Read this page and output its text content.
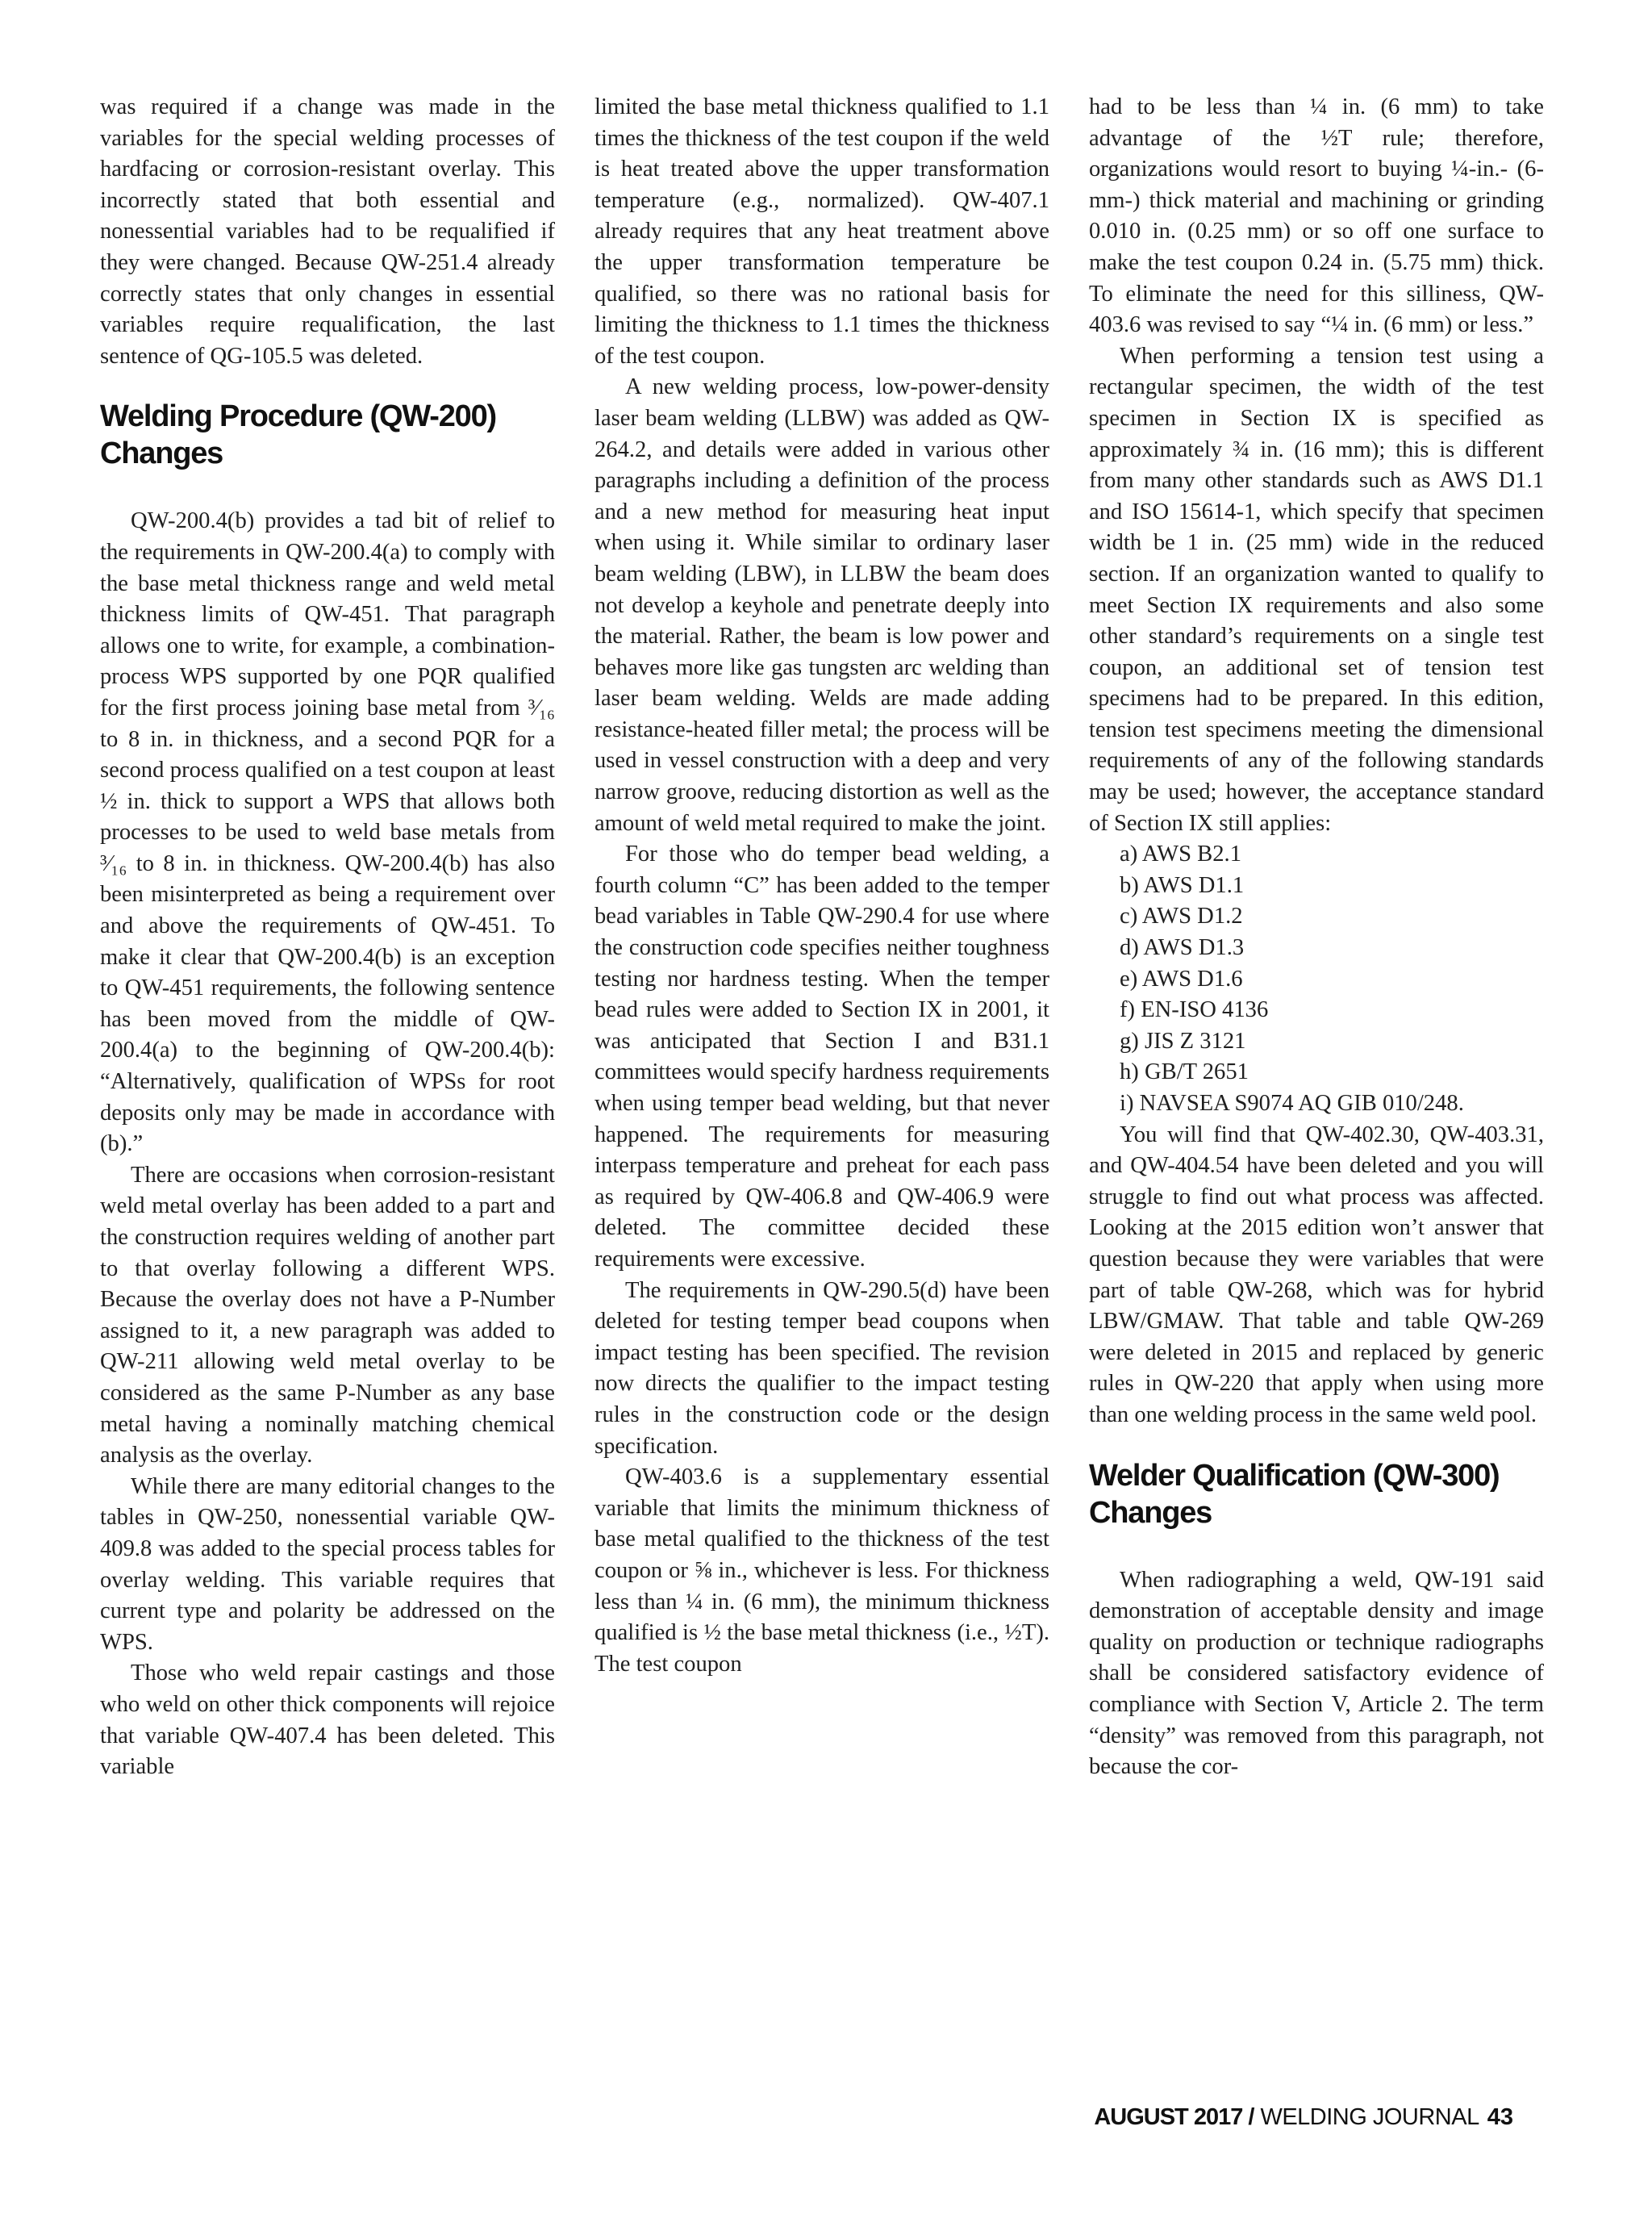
was required if a change was made in the variables for the special welding processes of hardfacing or corrosion-resistant overlay. This incorrectly stated that both essential and nonessential variables had to be requalified if they were changed. Because QW-251.4 already correctly states that only changes in essential variables require requalification, the last sentence of QG-105.5 was deleted.

Welding Procedure (QW-200) Changes

QW-200.4(b) provides a tad bit of relief to the requirements in QW-200.4(a) to comply with the base metal thickness range and weld metal thickness limits of QW-451. That paragraph allows one to write, for example, a combination-process WPS supported by one PQR qualified for the first process joining base metal from ³⁄₁₆ to 8 in. in thickness, and a second PQR for a second process qualified on a test coupon at least ½ in. thick to support a WPS that allows both processes to be used to weld base metals from ³⁄₁₆ to 8 in. in thickness. QW-200.4(b) has also been misinterpreted as being a requirement over and above the requirements of QW-451. To make it clear that QW-200.4(b) is an exception to QW-451 requirements, the following sentence has been moved from the middle of QW-200.4(a) to the beginning of QW-200.4(b): “Alternatively, qualification of WPSs for root deposits only may be made in accordance with (b).”

There are occasions when corrosion-resistant weld metal overlay has been added to a part and the construction requires welding of another part to that overlay following a different WPS. Because the overlay does not have a P-Number assigned to it, a new paragraph was added to QW-211 allowing weld metal overlay to be considered as the same P-Number as any base metal having a nominally matching chemical analysis as the overlay.

While there are many editorial changes to the tables in QW-250, nonessential variable QW-409.8 was added to the special process tables for overlay welding. This variable requires that current type and polarity be addressed on the WPS.

Those who weld repair castings and those who weld on other thick components will rejoice that variable QW-407.4 has been deleted. This variable

limited the base metal thickness qualified to 1.1 times the thickness of the test coupon if the weld is heat treated above the upper transformation temperature (e.g., normalized). QW-407.1 already requires that any heat treatment above the upper transformation temperature be qualified, so there was no rational basis for limiting the thickness to 1.1 times the thickness of the test coupon.

A new welding process, low-power-density laser beam welding (LLBW) was added as QW-264.2, and details were added in various other paragraphs including a definition of the process and a new method for measuring heat input when using it. While similar to ordinary laser beam welding (LBW), in LLBW the beam does not develop a keyhole and penetrate deeply into the material. Rather, the beam is low power and behaves more like gas tungsten arc welding than laser beam welding. Welds are made adding resistance-heated filler metal; the process will be used in vessel construction with a deep and very narrow groove, reducing distortion as well as the amount of weld metal required to make the joint.

For those who do temper bead welding, a fourth column “C” has been added to the temper bead variables in Table QW-290.4 for use where the construction code specifies neither toughness testing nor hardness testing. When the temper bead rules were added to Section IX in 2001, it was anticipated that Section I and B31.1 committees would specify hardness requirements when using temper bead welding, but that never happened. The requirements for measuring interpass temperature and preheat for each pass as required by QW-406.8 and QW-406.9 were deleted. The committee decided these requirements were excessive.

The requirements in QW-290.5(d) have been deleted for testing temper bead coupons when impact testing has been specified. The revision now directs the qualifier to the impact testing rules in the construction code or the design specification.

QW-403.6 is a supplementary essential variable that limits the minimum thickness of base metal qualified to the thickness of the test coupon or ⅝ in., whichever is less. For thickness less than ¼ in. (6 mm), the minimum thickness qualified is ½ the base metal thickness (i.e., ½T). The test coupon

had to be less than ¼ in. (6 mm) to take advantage of the ½T rule; therefore, organizations would resort to buying ¼-in.- (6-mm-) thick material and machining or grinding 0.010 in. (0.25 mm) or so off one surface to make the test coupon 0.24 in. (5.75 mm) thick. To eliminate the need for this silliness, QW-403.6 was revised to say “¼ in. (6 mm) or less.”

When performing a tension test using a rectangular specimen, the width of the test specimen in Section IX is specified as approximately ¾ in. (16 mm); this is different from many other standards such as AWS D1.1 and ISO 15614-1, which specify that specimen width be 1 in. (25 mm) wide in the reduced section. If an organization wanted to qualify to meet Section IX requirements and also some other standard’s requirements on a single test coupon, an additional set of tension test specimens had to be prepared. In this edition, tension test specimens meeting the dimensional requirements of any of the following standards may be used; however, the acceptance standard of Section IX still applies:

a) AWS B2.1
b) AWS D1.1
c) AWS D1.2
d) AWS D1.3
e) AWS D1.6
f) EN-ISO 4136
g) JIS Z 3121
h) GB/T 2651
i) NAVSEA S9074 AQ GIB 010/248.

You will find that QW-402.30, QW-403.31, and QW-404.54 have been deleted and you will struggle to find out what process was affected. Looking at the 2015 edition won’t answer that question because they were variables that were part of table QW-268, which was for hybrid LBW/GMAW. That table and table QW-269 were deleted in 2015 and replaced by generic rules in QW-220 that apply when using more than one welding process in the same weld pool.

Welder Qualification (QW-300) Changes

When radiographing a weld, QW-191 said demonstration of acceptable density and image quality on production or technique radiographs shall be considered satisfactory evidence of compliance with Section V, Article 2. The term “density” was removed from this paragraph, not because the cor-

AUGUST 2017 / WELDING JOURNAL 43
